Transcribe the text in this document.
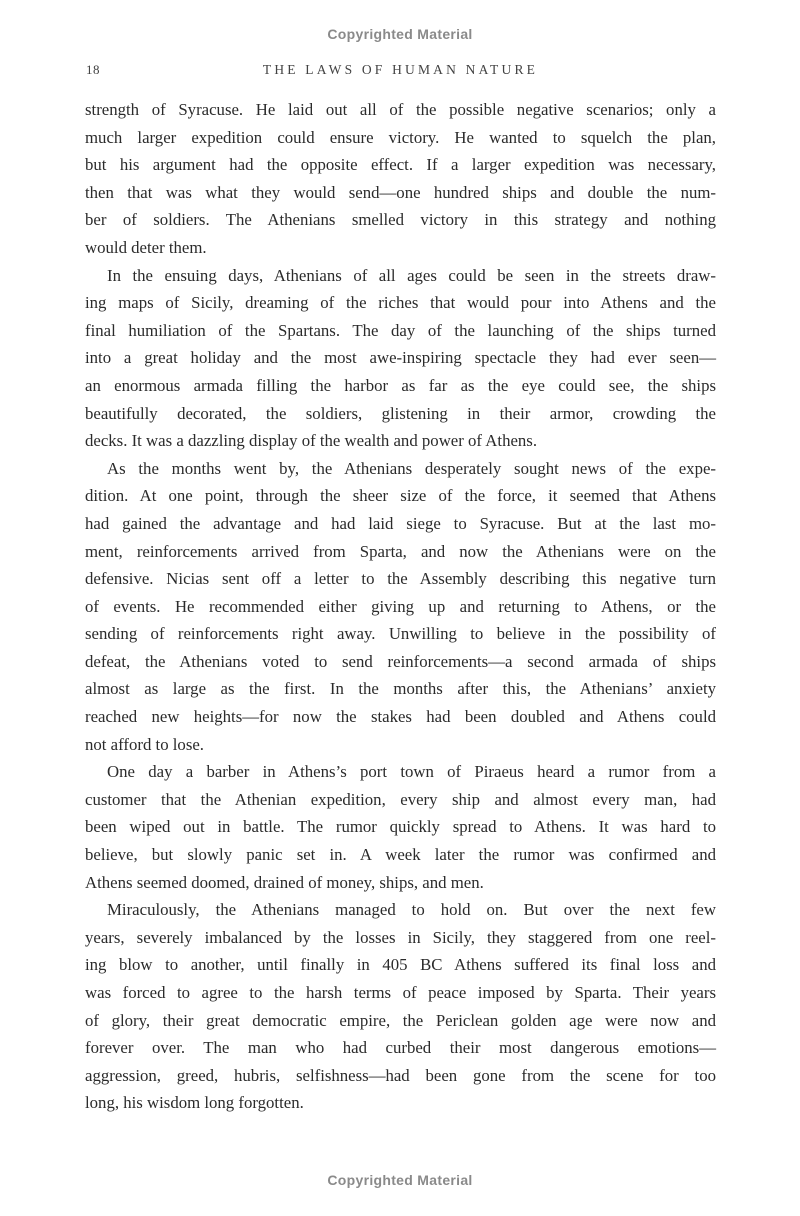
Copyrighted Material
18	THE LAWS OF HUMAN NATURE
strength of Syracuse. He laid out all of the possible negative scenarios; only a
much larger expedition could ensure victory. He wanted to squelch the plan,
but his argument had the opposite effect. If a larger expedition was necessary,
then that was what they would send—one hundred ships and double the num-
ber of soldiers. The Athenians smelled victory in this strategy and nothing
would deter them.
In the ensuing days, Athenians of all ages could be seen in the streets draw-
ing maps of Sicily, dreaming of the riches that would pour into Athens and the
final humiliation of the Spartans. The day of the launching of the ships turned
into a great holiday and the most awe-inspiring spectacle they had ever seen—
an enormous armada filling the harbor as far as the eye could see, the ships
beautifully decorated, the soldiers, glistening in their armor, crowding the
decks. It was a dazzling display of the wealth and power of Athens.
As the months went by, the Athenians desperately sought news of the expe-
dition. At one point, through the sheer size of the force, it seemed that Athens
had gained the advantage and had laid siege to Syracuse. But at the last mo-
ment, reinforcements arrived from Sparta, and now the Athenians were on the
defensive. Nicias sent off a letter to the Assembly describing this negative turn
of events. He recommended either giving up and returning to Athens, or the
sending of reinforcements right away. Unwilling to believe in the possibility of
defeat, the Athenians voted to send reinforcements—a second armada of ships
almost as large as the first. In the months after this, the Athenians’ anxiety
reached new heights—for now the stakes had been doubled and Athens could
not afford to lose.
One day a barber in Athens’s port town of Piraeus heard a rumor from a
customer that the Athenian expedition, every ship and almost every man, had
been wiped out in battle. The rumor quickly spread to Athens. It was hard to
believe, but slowly panic set in. A week later the rumor was confirmed and
Athens seemed doomed, drained of money, ships, and men.
Miraculously, the Athenians managed to hold on. But over the next few
years, severely imbalanced by the losses in Sicily, they staggered from one reel-
ing blow to another, until finally in 405 BC Athens suffered its final loss and
was forced to agree to the harsh terms of peace imposed by Sparta. Their years
of glory, their great democratic empire, the Periclean golden age were now and
forever over. The man who had curbed their most dangerous emotions—
aggression, greed, hubris, selfishness—had been gone from the scene for too
long, his wisdom long forgotten.
Copyrighted Material
